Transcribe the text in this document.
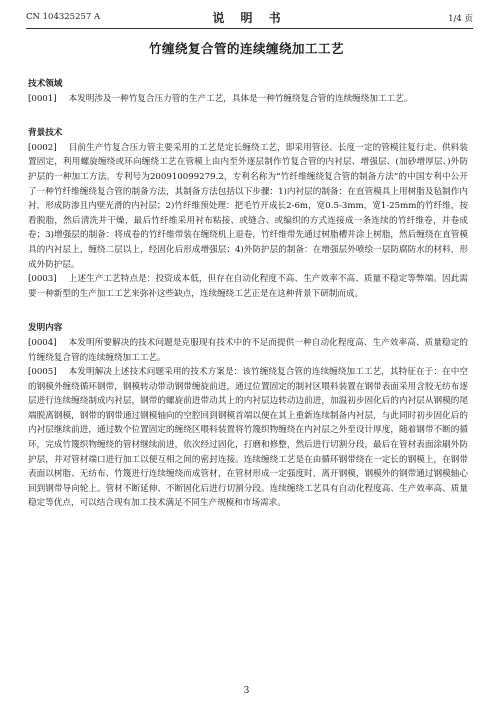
CN 104325257 A	说 明 书	1/4 页
竹缠绕复合管的连续缠绕加工工艺

技术领域

[0001] 本发明涉及一种竹复合压力管的生产工艺，具体是一种竹缠绕复合管的连续缠绕加工工艺。

背景技术

[0002] 目前生产竹复合压力管主要采用的工艺是定长缠绕工艺，即采用管径、长度一定的管模往复行走、供料装置固定，利用螺旋缠绕或环向缠绕工艺在管模上由内至外逐层制作竹复合管的内衬层、增强层、(加砂增厚层、)外防护层的一种加工方法。专利号为200910099279.2，专利名称为“竹纤维缠绕复合管的制备方法”的中国专利中公开了一种竹纤维缠绕复合管的制备方法，其制备方法包括以下步骤：1)内衬层的制备：在直管模具上用树脂及毡制作内衬，形成防渗且内壁光滑的内衬层；2)竹纤维预处理：把毛竹开成长2-6m，宽0.5-3mm，宽1-25mm的竹纤维，按看脱脂，然后清洗并干燥，最后竹纤维采用衬布粘接、或缝合、或编织的方式连接成一条连续的竹纤维卷，并卷成卷；3)增强层的制备：将成卷的竹纤维带装在缠绕机上退卷，竹纤维带先通过树脂槽并涂上树脂，然后缠绕在直管模具的内衬层上，缠绕二层以上，经固化后形成增强层；4)外防护层的制备：在增强层外喷绘一层防腐防水的材料，形成外防护层。

[0003] 上述生产工艺特点是：投资成本低，但存在自动化程度不高、生产效率不高、质量不稳定等弊端。因此需要一种新型的生产加工工艺来弥补这些缺点，连续缠绕工艺正是在这种背景下研制而成。

发明内容

[0004] 本发明所要解决的技术问题是克服现有技术中的不足而提供一种自动化程度高、生产效率高、质量稳定的竹缠绕复合管的连续缠绕加工工艺。

[0005] 本发明解决上述技术问题采用的技术方案是：该竹缠绕复合管的连续缠绕加工工艺，其特征在于：在中空的钢模外缠绕循环钢带，钢模转动带动钢带缠旋前进，通过位置固定的制衬区喂料装置在钢带表面采用含胶无纺布逐层进行连续缠绕制成内衬层，钢带的螺旋前进带动其上的内衬层边转动边前进，加温初步固化后的内衬层从钢模的尾端脱离钢模，钢带的钢带通过钢模轴向的空腔回到钢模首端以便在其上重新连续制备内衬层，与此同时初步固化后的内衬层继续前进，通过数个位置固定的缠绕区喂料装置将竹篾织物缠绕在内衬层之外至设计厚度，随着钢带不断的循环，完成竹篾织物缠绕的管材继续前进，依次经过固化，打磨和修整，然后进行切割分段，最后在管材表面涂刷外防护层，并对管材端口进行加工以便互相之间的密封连接。连续缠绕工艺是在由循环钢带绕在一定长的钢模上，在钢带表面以树脂、无纺布、竹篾进行连续缠绕而成管材，在管材形成一定强度时，离开钢模，钢模外的钢带通过钢模轴心回到钢带导向轮上。管材不断延伸、不断固化后进行切割分段。连续缠绕工艺具有自动化程度高、生产效率高、质量稳定等优点，可以结合现有加工技术满足不同生产规模和市场需求。

3
